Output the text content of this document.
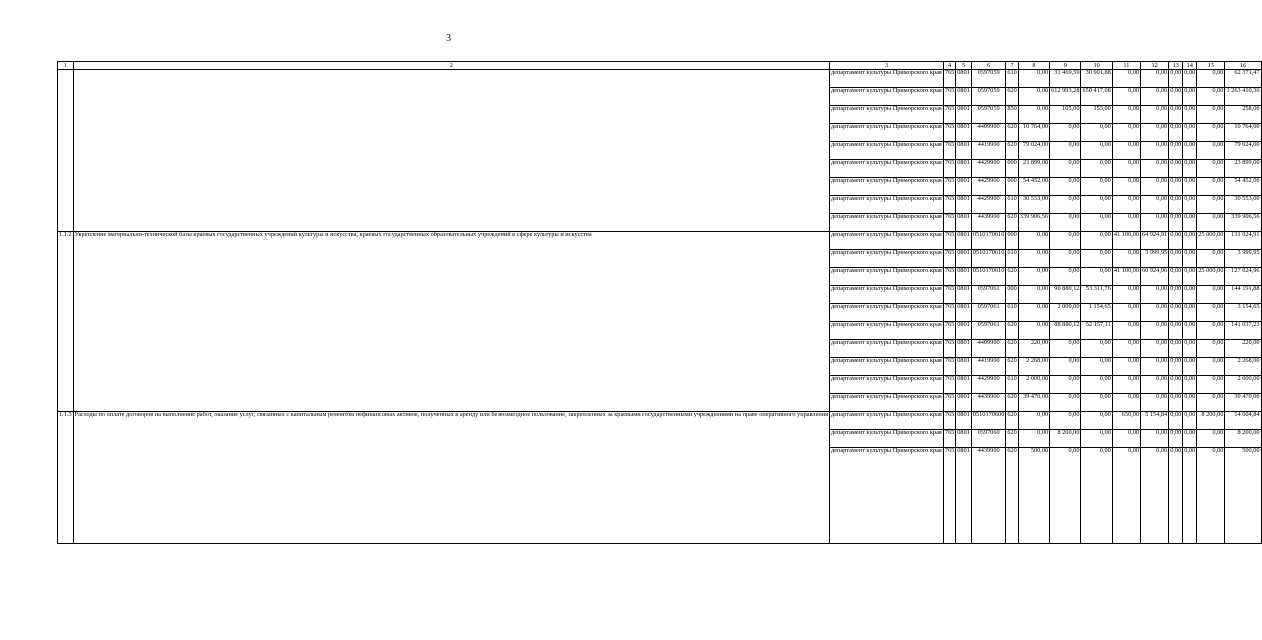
3
1	2	3	4	5	6	7	8	9	10	11	12	13	14	15	16
		департамент культуры Приморского края	765	0801	0597059	610	0,00	31 469,59	30 901,88	0,00	0,00	0,00	0,00	0,00	62 371,47
		департамент культуры Приморского края	765	0801	0597059	620	0,00	612 993,28	650 417,08	0,00	0,00	0,00	0,00	0,00	1 263 410,36
		департамент культуры Приморского края	765	0801	0597059	850	0,00	105,00	153,00	0,00	0,00	0,00	0,00	0,00	258,00
		департамент культуры Приморского края	765	0801	4409900	620	10 764,00	0,00	0,00	0,00	0,00	0,00	0,00	0,00	10 764,00
		департамент культуры Приморского края	765	0801	4419900	620	79 024,00	0,00	0,00	0,00	0,00	0,00	0,00	0,00	79 024,00
		департамент культуры Приморского края	765	0801	4429900	000	23 899,00	0,00	0,00	0,00	0,00	0,00	0,00	0,00	23 899,00
		департамент культуры Приморского края	765	0801	4429900	000	54 452,00	0,00	0,00	0,00	0,00	0,00	0,00	0,00	54 452,00
		департамент культуры Приморского края	765	0801	4429900	610	30 553,00	0,00	0,00	0,00	0,00	0,00	0,00	0,00	30 553,00
		департамент культуры Приморского края	765	0801	4439900	620	339 906,56	0,00	0,00	0,00	0,00	0,00	0,00	0,00	339 906,56
1.1.2	Укрепление материально-технической базы краевых государственных учреждений культуры и искусства, краевых государственных образовательных учреждений в сфере культуры и искусства	департамент культуры Приморского края	765	0801	0510170610	000	0,00	0,00	0,00	41 100,00	64 924,91	0,00	0,00	25 000,00	131 024,91
		департамент культуры Приморского края	765	0801	0510170610	610	0,00	0,00	0,00	0,00	3 999,95	0,00	0,00	0,00	3 999,95
		департамент культуры Приморского края	765	0801	0510170610	620	0,00	0,00	0,00	41 100,00	60 924,96	0,00	0,00	25 000,00	127 024,96
		департамент культуры Приморского края	765	0801	0597061	000	0,00	90 880,12	53 311,76	0,00	0,00	0,00	0,00	0,00	144 191,88
		департамент культуры Приморского края	765	0801	0597061	610	0,00	2 000,00	1 154,65	0,00	0,00	0,00	0,00	0,00	3 154,65
		департамент культуры Приморского края	765	0801	0597061	620	0,00	88 880,12	52 157,11	0,00	0,00	0,00	0,00	0,00	141 037,23
		департамент культуры Приморского края	765	0801	4409900	620	220,00	0,00	0,00	0,00	0,00	0,00	0,00	0,00	220,00
		департамент культуры Приморского края	765	0801	4419900	620	2 268,00	0,00	0,00	0,00	0,00	0,00	0,00	0,00	2 268,00
		департамент культуры Приморского края	765	0801	4429900	610	2 000,00	0,00	0,00	0,00	0,00	0,00	0,00	0,00	2 000,00
		департамент культуры Приморского края	765	0801	4439900	620	39 470,00	0,00	0,00	0,00	0,00	0,00	0,00	0,00	39 470,00
1.1.3	Расходы по оплате договоров на выполнение работ, оказание услуг, связанных с капитальным ремонтом нефинансовых активов, полученных в аренду или безвозмездное пользование, закрепленных за краевыми государственными учреждениями на праве оперативного управления	департамент культуры Приморского края	765	0801	0510170600	620	0,00	0,00	0,00	650,00	5 154,84	0,00	0,00	8 200,00	14 004,84
		департамент культуры Приморского края	765	0801	0597060	620	0,00	8 200,00	0,00	0,00	0,00	0,00	0,00	0,00	8 200,00
		департамент культуры Приморского края	765	0801	4439900	620	500,00	0,00	0,00	0,00	0,00	0,00	0,00	0,00	500,00
